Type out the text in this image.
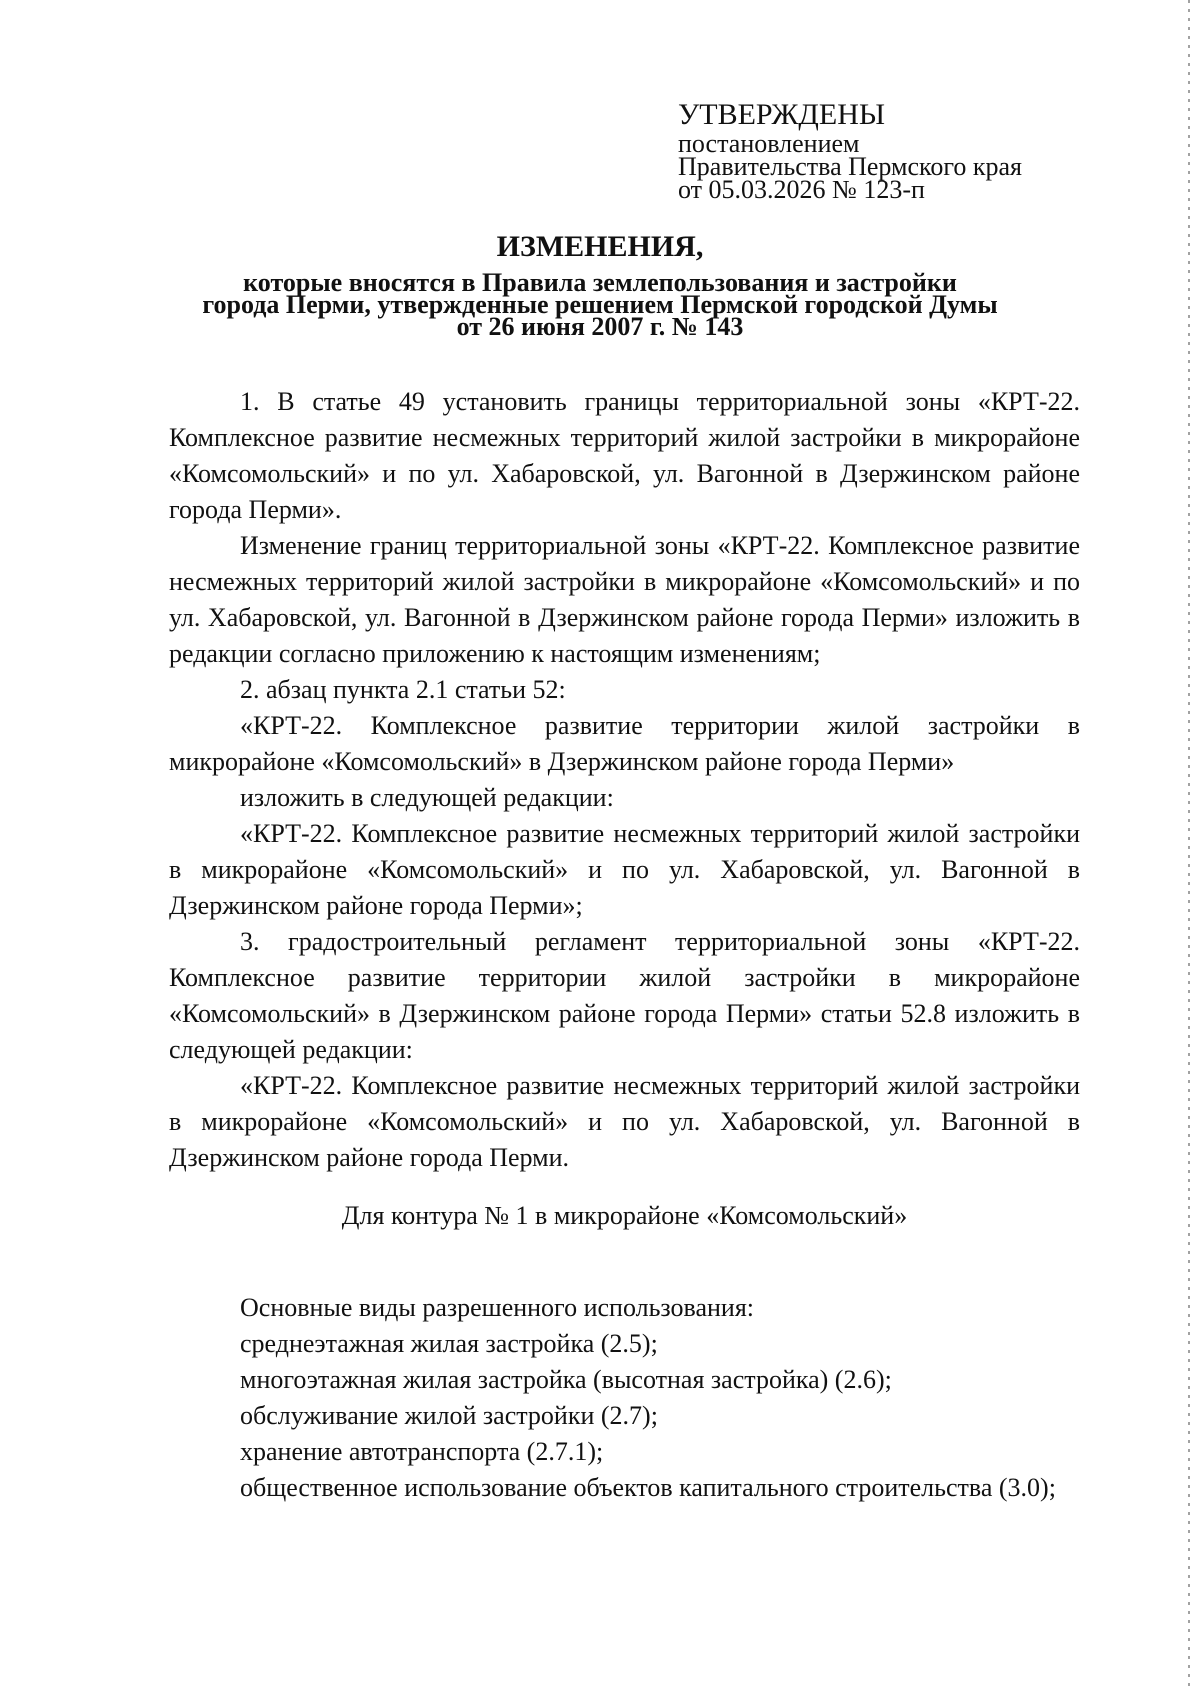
УТВЕРЖДЕНЫ
постановлением
Правительства Пермского края
от 05.03.2026 № 123-п
ИЗМЕНЕНИЯ,
которые вносятся в Правила землепользования и застройки
города Перми, утвержденные решением Пермской городской Думы
от 26 июня 2007 г. № 143

1. В статье 49 установить границы территориальной зоны «КРТ-22. Комплексное развитие несмежных территорий жилой застройки в микрорайоне «Комсомольский» и по ул. Хабаровской, ул. Вагонной в Дзержинском районе города Перми».

Изменение границ территориальной зоны «КРТ-22. Комплексное развитие несмежных территорий жилой застройки в микрорайоне «Комсомольский» и по ул. Хабаровской, ул. Вагонной в Дзержинском районе города Перми» изложить в редакции согласно приложению к настоящим изменениям;

2. абзац пункта 2.1 статьи 52:

«КРТ-22. Комплексное развитие территории жилой застройки в микрорайоне «Комсомольский» в Дзержинском районе города Перми»

изложить в следующей редакции:

«КРТ-22. Комплексное развитие несмежных территорий жилой застройки в микрорайоне «Комсомольский» и по ул. Хабаровской, ул. Вагонной в Дзержинском районе города Перми»;

3. градостроительный регламент территориальной зоны «КРТ-22. Комплексное развитие территории жилой застройки в микрорайоне «Комсомольский» в Дзержинском районе города Перми» статьи 52.8 изложить в следующей редакции:

«КРТ-22. Комплексное развитие несмежных территорий жилой застройки в микрорайоне «Комсомольский» и по ул. Хабаровской, ул. Вагонной в Дзержинском районе города Перми.

Для контура № 1 в микрорайоне «Комсомольский»

Основные виды разрешенного использования:

среднеэтажная жилая застройка (2.5);

многоэтажная жилая застройка (высотная застройка) (2.6);

обслуживание жилой застройки (2.7);

хранение автотранспорта (2.7.1);

общественное использование объектов капитального строительства (3.0);
